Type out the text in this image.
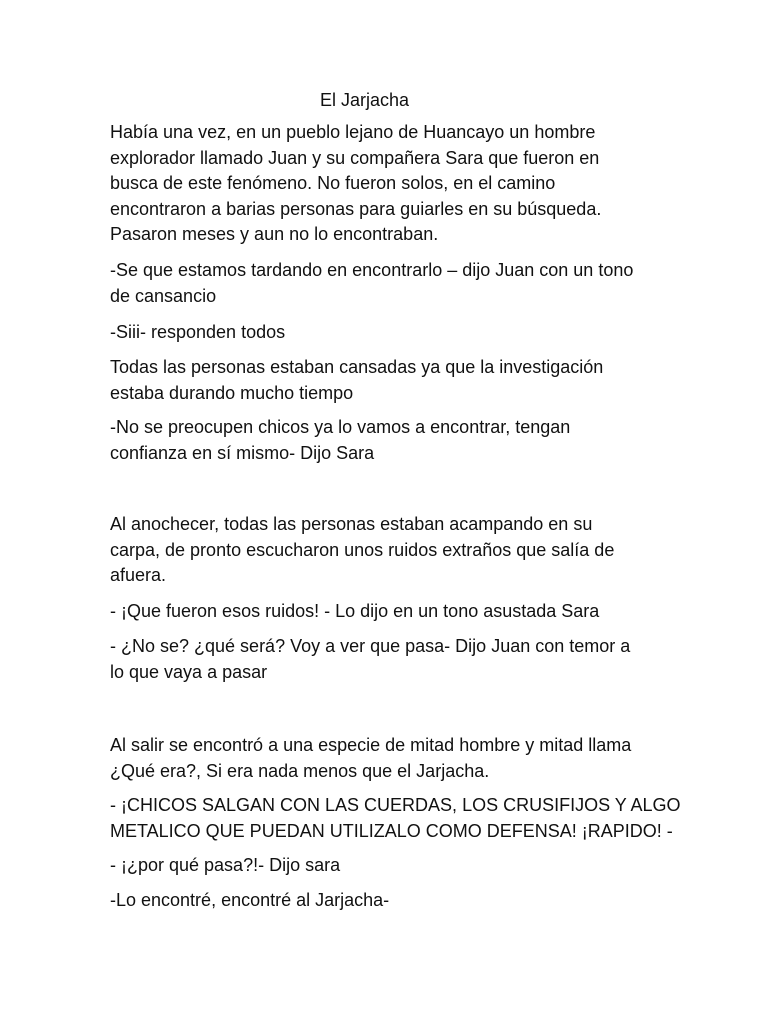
El Jarjacha
Había una vez, en un pueblo lejano de Huancayo un hombre
explorador llamado Juan y su compañera Sara que fueron en
busca de este fenómeno. No fueron solos, en el camino
encontraron a barias personas para guiarles en su búsqueda.
Pasaron meses y aun no lo encontraban.
-Se que estamos tardando en encontrarlo – dijo Juan con un tono
de cansancio
-Siii- responden todos
Todas las personas estaban cansadas ya que la investigación
estaba durando mucho tiempo
-No se preocupen chicos ya lo vamos a encontrar, tengan
confianza en sí mismo- Dijo Sara
Al anochecer, todas las personas estaban acampando en su
carpa, de pronto escucharon unos ruidos extraños que salía de
afuera.
- ¡Que fueron esos ruidos! - Lo dijo en un tono asustada Sara
- ¿No se? ¿qué será? Voy a ver que pasa- Dijo Juan con temor a
lo que vaya a pasar
Al salir se encontró a una especie de mitad hombre y mitad llama
¿Qué era?, Si era nada menos que el Jarjacha.
- ¡CHICOS SALGAN CON LAS CUERDAS, LOS CRUSIFIJOS Y ALGO
METALICO QUE PUEDAN UTILIZALO COMO DEFENSA! ¡RAPIDO! -
- ¡¿por qué pasa?!- Dijo sara
-Lo encontré, encontré al Jarjacha-
